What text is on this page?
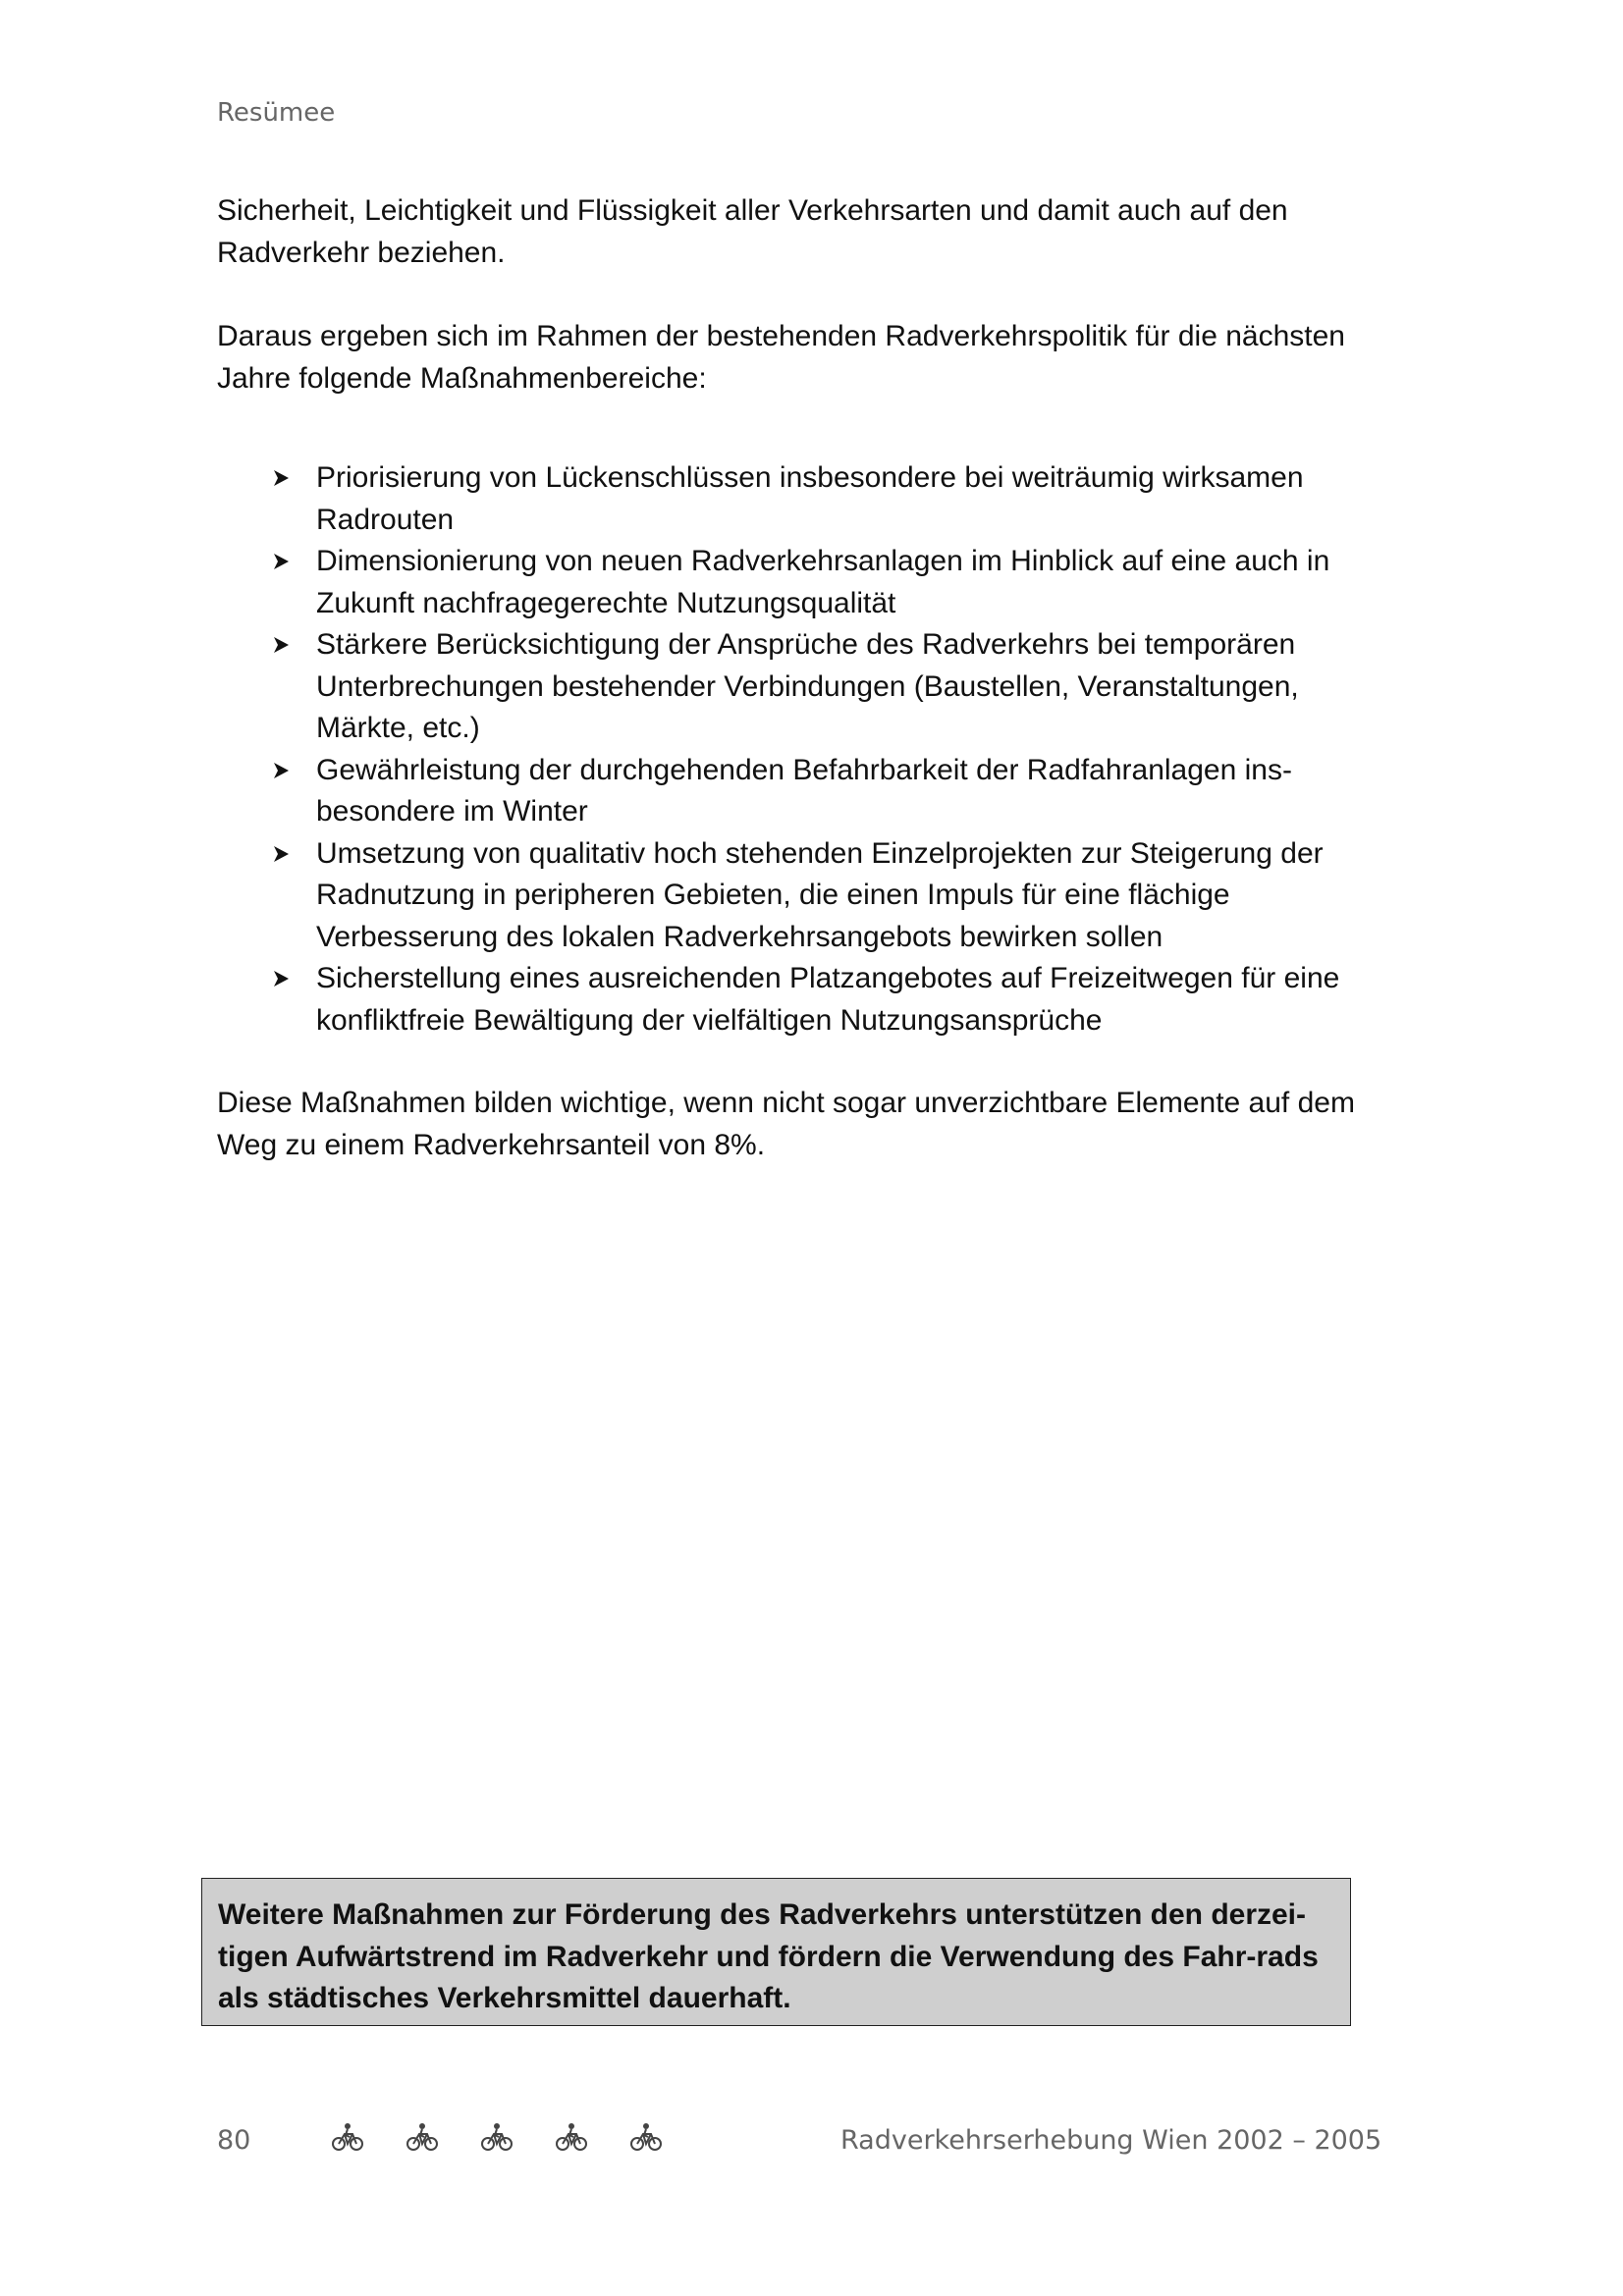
Resümee

Sicherheit, Leichtigkeit und Flüssigkeit aller Verkehrsarten und damit auch auf den Radverkehr beziehen.

Daraus ergeben sich im Rahmen der bestehenden Radverkehrspolitik für die nächsten Jahre folgende Maßnahmenbereiche:

Priorisierung von Lückenschlüssen insbesondere bei weiträumig wirksamen Radrouten
Dimensionierung von neuen Radverkehrsanlagen im Hinblick auf eine auch in Zukunft nachfragegerechte Nutzungsqualität
Stärkere Berücksichtigung der Ansprüche des Radverkehrs bei temporären Unterbrechungen bestehender Verbindungen (Baustellen, Veranstaltungen, Märkte, etc.)
Gewährleistung der durchgehenden Befahrbarkeit der Radfahranlagen ins-besondere im Winter
Umsetzung von qualitativ hoch stehenden Einzelprojekten zur Steigerung der Radnutzung in peripheren Gebieten, die einen Impuls für eine flächige Verbesserung des lokalen Radverkehrsangebots bewirken sollen
Sicherstellung eines ausreichenden Platzangebotes auf Freizeitwegen für eine konfliktfreie Bewältigung der vielfältigen Nutzungsansprüche

Diese Maßnahmen bilden wichtige, wenn nicht sogar unverzichtbare Elemente auf dem Weg zu einem Radverkehrsanteil von 8%.

Weitere Maßnahmen zur Förderung des Radverkehrs unterstützen den derzei-tigen Aufwärtstrend im Radverkehr und fördern die Verwendung des Fahr-rads als städtisches Verkehrsmittel dauerhaft.

80	Radverkehrserhebung Wien 2002 – 2005
